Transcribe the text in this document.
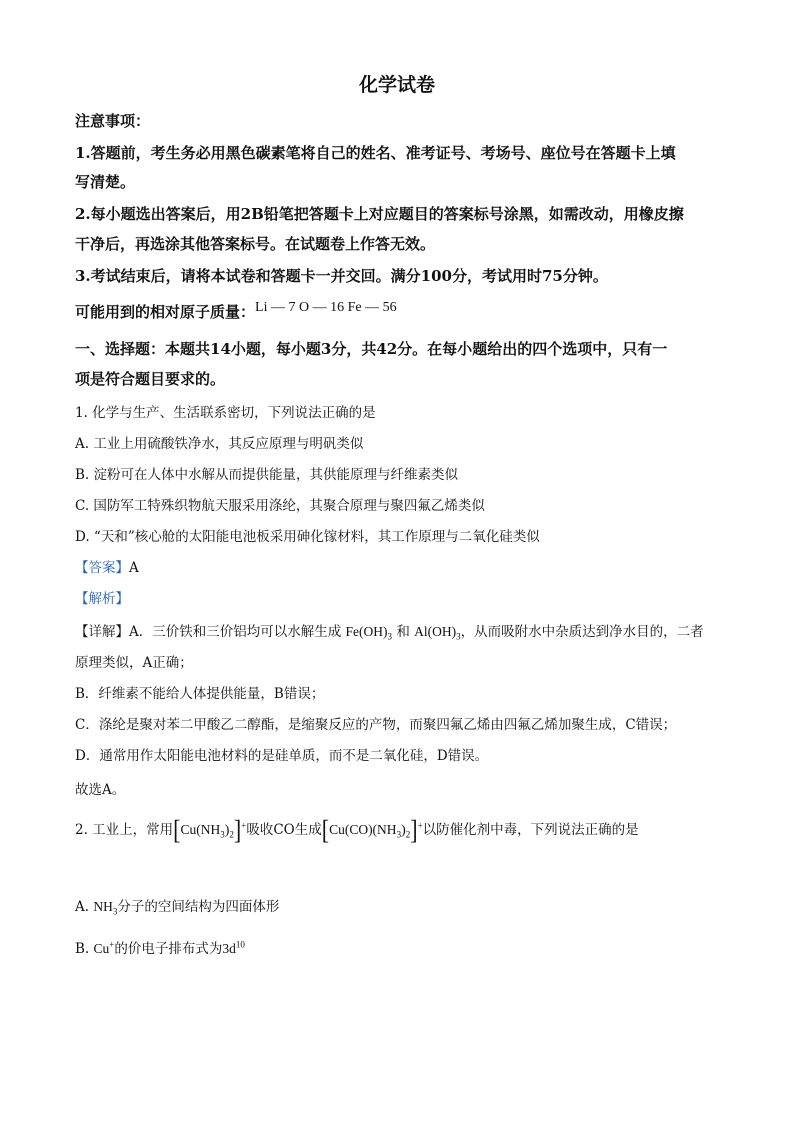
化学试卷
注意事项：
1.答题前，考生务必用黑色碳素笔将自己的姓名、准考证号、考场号、座位号在答题卡上填
写清楚。
2.每小题选出答案后，用2B铅笔把答题卡上对应题目的答案标号涂黑，如需改动，用橡皮擦
干净后，再选涂其他答案标号。在试题卷上作答无效。
3.考试结束后，请将本试卷和答题卡一并交回。满分100分，考试用时75分钟。
可能用到的相对原子质量：Li — 7 O — 16 Fe — 56
一、选择题：本题共14小题，每小题3分，共42分。在每小题给出的四个选项中，只有一
项是符合题目要求的。
1. 化学与生产、生活联系密切，下列说法正确的是
A. 工业上用硫酸铁净水，其反应原理与明矾类似
B. 淀粉可在人体中水解从而提供能量，其供能原理与纤维素类似
C. 国防军工特殊织物航天服采用涤纶，其聚合原理与聚四氟乙烯类似
D. “天和”核心舱的太阳能电池板采用砷化镓材料，其工作原理与二氧化硅类似
【答案】A
【解析】
【详解】A．三价铁和三价铝均可以水解生成 $Fe(OH)_3$ 和 $Al(OH)_3$，从而吸附水中杂质达到净水目的，二者
原理类似，A正确；
B．纤维素不能给人体提供能量，B错误；
C．涤纶是聚对苯二甲酸乙二醇酯，是缩聚反应的产物，而聚四氟乙烯由四氟乙烯加聚生成，C错误；
D．通常用作太阳能电池材料的是硅单质，而不是二氧化硅，D错误。
故选A。
2. 工业上，常用$[Cu(NH_3)_2]^+$吸收CO生成$[Cu(CO)(NH_3)_2]^+$以防催化剂中毒，下列说法正确的是
A. $NH_3$分子的空间结构为四面体形
B. Cu+的价电子排布式为$3d^{10}$
